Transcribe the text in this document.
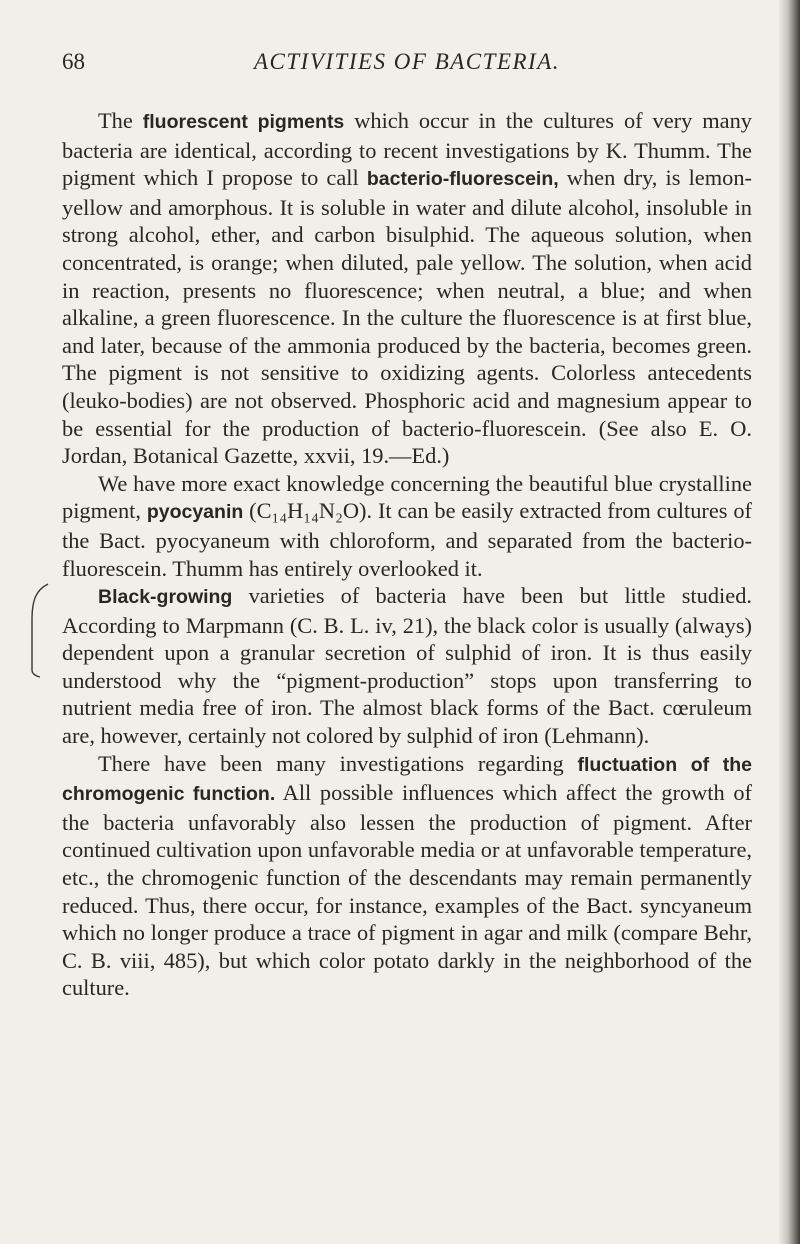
68	ACTIVITIES OF BACTERIA.

The fluorescent pigments which occur in the cultures of very many bacteria are identical, according to recent investigations by K. Thumm. The pigment which I propose to call bacterio-fluorescein, when dry, is lemon-yellow and amorphous. It is soluble in water and dilute alcohol, insoluble in strong alcohol, ether, and carbon bisulphid. The aqueous solution, when concentrated, is orange; when diluted, pale yellow. The solution, when acid in reaction, presents no fluorescence; when neutral, a blue; and when alkaline, a green fluorescence. In the culture the fluorescence is at first blue, and later, because of the ammonia produced by the bacteria, becomes green. The pigment is not sensitive to oxidizing agents. Colorless antecedents (leuko-bodies) are not observed. Phosphoric acid and magnesium appear to be essential for the production of bacterio-fluorescein. (See also E. O. Jordan, Botanical Gazette, xxvii, 19.—Ed.)

We have more exact knowledge concerning the beautiful blue crystalline pigment, pyocyanin (C₁₄H₁₄N₂O). It can be easily extracted from cultures of the Bact. pyocyaneum with chloroform, and separated from the bacterio-fluorescein. Thumm has entirely overlooked it.

Black-growing varieties of bacteria have been but little studied. According to Marpmann (C. B. L. iv, 21), the black color is usually (always) dependent upon a granular secretion of sulphid of iron. It is thus easily understood why the “pigment-production” stops upon transferring to nutrient media free of iron. The almost black forms of the Bact. cœruleum are, however, certainly not colored by sulphid of iron (Lehmann).

There have been many investigations regarding fluctuation of the chromogenic function. All possible influences which affect the growth of the bacteria unfavorably also lessen the production of pigment. After continued cultivation upon unfavorable media or at unfavorable temperature, etc., the chromogenic function of the descendants may remain permanently reduced. Thus, there occur, for instance, examples of the Bact. syncyaneum which no longer produce a trace of pigment in agar and milk (compare Behr, C. B. viii, 485), but which color potato darkly in the neighborhood of the culture.
